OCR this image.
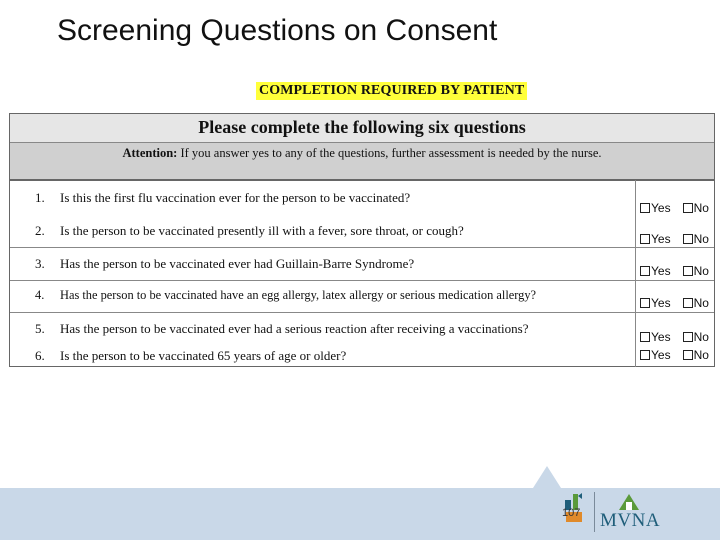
Screening Questions on Consent
COMPLETION REQUIRED BY PATIENT
Please complete the following six questions
Attention: If you answer yes to any of the questions, further assessment is needed by the nurse.
1. Is this the first flu vaccination ever for the person to be vaccinated?
Yes No
2. Is the person to be vaccinated presently ill with a fever, sore throat, or cough?
Yes No
3. Has the person to be vaccinated ever had Guillain-Barre Syndrome?	Yes No
4. Has the person to be vaccinated have an egg allergy, latex allergy or serious medication allergy?
Yes No
5. Has the person to be vaccinated ever had a serious reaction after receiving a vaccinations?
Yes No
6. Is the person to be vaccinated 65 years of age or older?	Yes No
107 MVNA
